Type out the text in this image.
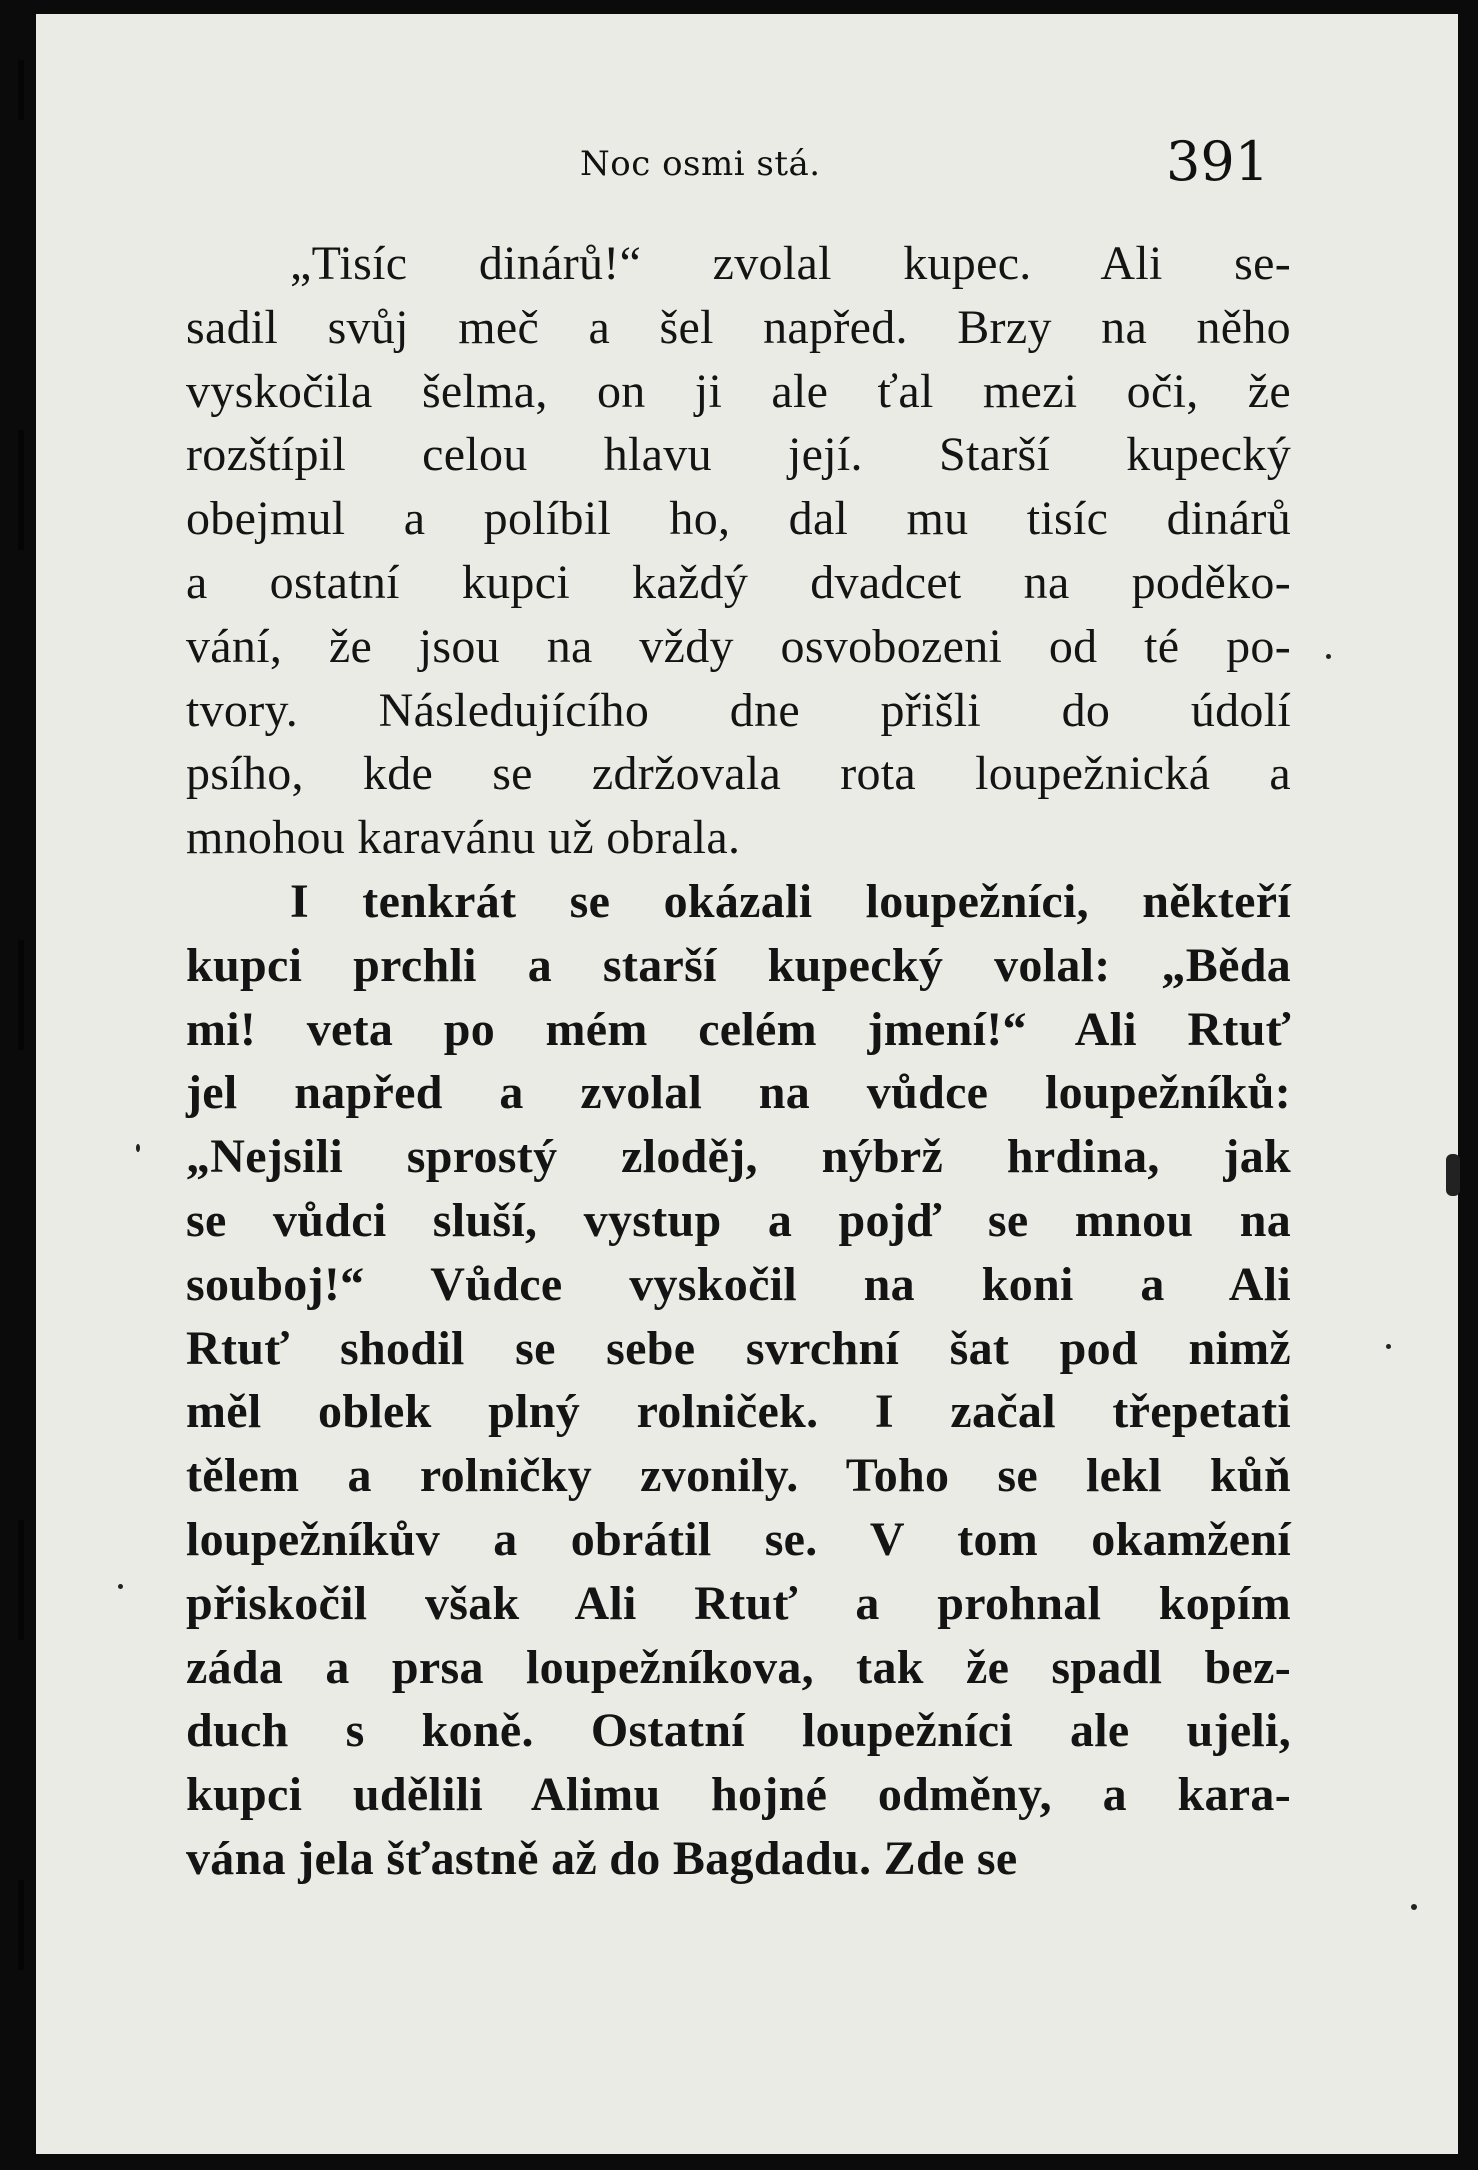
Noc osmi stá.	391
„Tisíc dinárů!“ zvolal kupec. Ali se-
sadil svůj meč a šel napřed. Brzy na něho
vyskočila šelma, on ji ale ťal mezi oči, že
rozštípil celou hlavu její. Starší kupecký
obejmul a políbil ho, dal mu tisíc dinárů
a ostatní kupci každý dvadcet na poděko-
vání, že jsou na vždy osvobozeni od té po-
tvory. Následujícího dne přišli do údolí
psího, kde se zdržovala rota loupežnická a
mnohou karavánu už obrala.
I tenkrát se okázali loupežníci, někteří
kupci prchli a starší kupecký volal: „Běda
mi! veta po mém celém jmení!“ Ali Rtuť
jel napřed a zvolal na vůdce loupežníků:
„Nejsili sprostý zloděj, nýbrž hrdina, jak
se vůdci sluší, vystup a pojď se mnou na
souboj!“ Vůdce vyskočil na koni a Ali
Rtuť shodil se sebe svrchní šat pod nimž
měl oblek plný rolniček. I začal třepetati
tělem a rolničky zvonily. Toho se lekl kůň
loupežníkův a obrátil se. V tom okamžení
přiskočil však Ali Rtuť a prohnal kopím
záda a prsa loupežníkova, tak že spadl bez-
duch s koně. Ostatní loupežníci ale ujeli,
kupci udělili Alimu hojné odměny, a kara-
vána jela šťastně až do Bagdadu. Zde se
